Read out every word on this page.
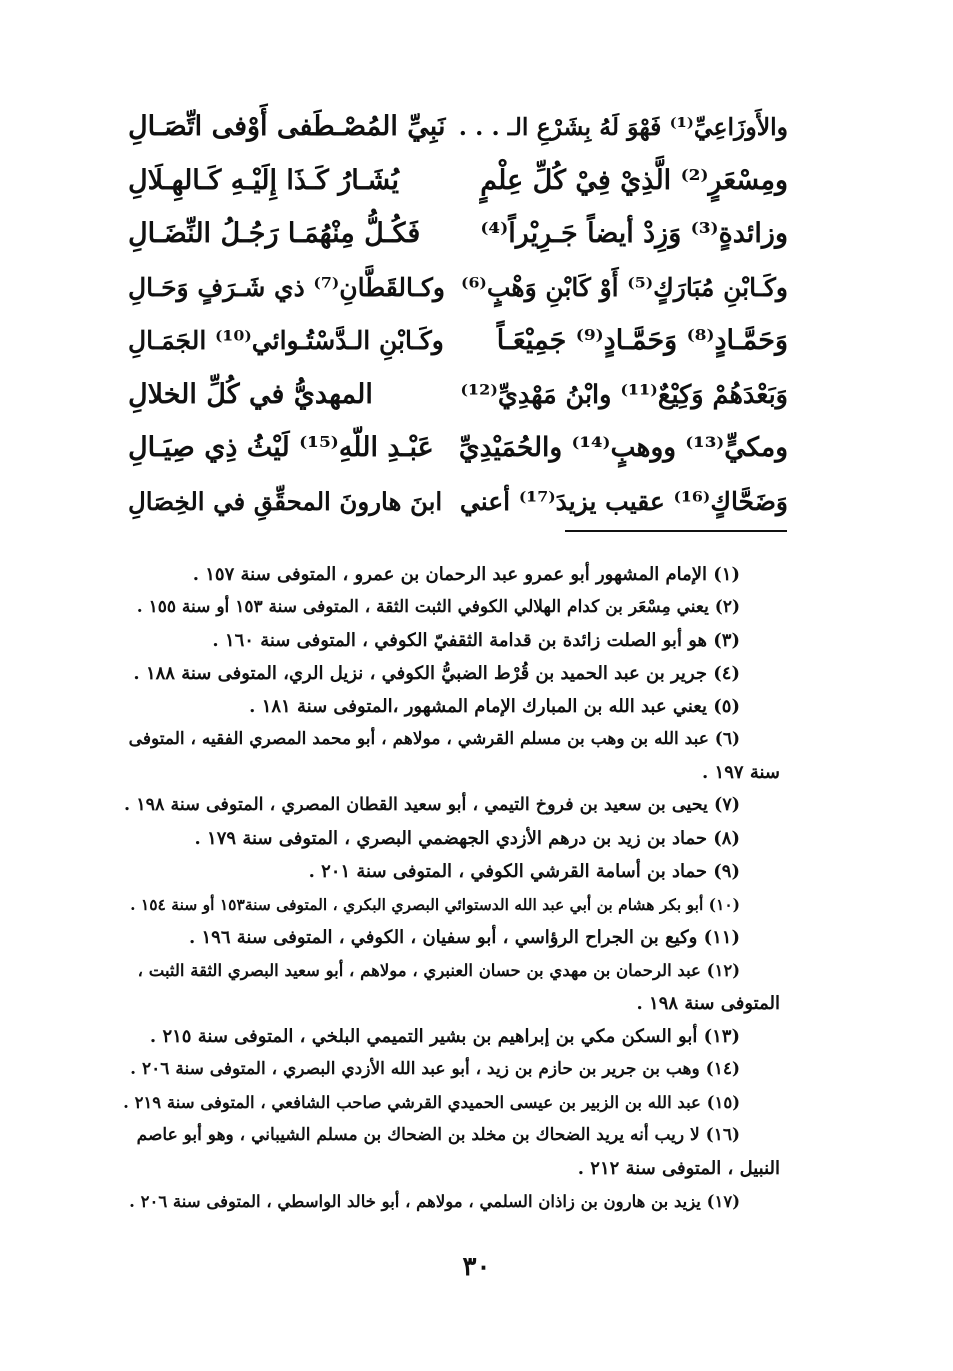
والأَوزَاعِيِّ⁽¹⁾ فَهْوَ لَهُ بِشَرْعِ الـ . . .
نَبِيِّ المُصْـطَفى أَوْفى اتِّصَـالِ
ومِسْعَرٍ⁽²⁾ الَّذِيْ فِيْ كُلِّ عِلْمٍ
يُشَـارُ كَـذَا إِلَيْـهِ كَـالهِـلَالِ
وزائدةٍ⁽³⁾ وَزِدْ أيضاً جَـرِيْراً⁽⁴⁾
فَكُـلُّ مِنْهُمَـا رَجُـلُ النِّضَـالِ
وكَـابْنِ مُبَارَكٍ⁽⁵⁾ أَوْ كَابْنِ وَهْبٍ⁽⁶⁾
وكـالقَطَّانِ⁽⁷⁾ ذي شَـرَفٍ وَحَـالِ
وَحَمَّـادٍ⁽⁸⁾ وَحَمَّـادٍ⁽⁹⁾ جَمِيْعَـاً
وكَـابْنِ الـدَّسْتُـوائي⁽¹⁰⁾ الجَمَـالِ
وَبَعْدَهُمْ وَكِيْعٌ⁽¹¹⁾ وابْنُ مَهْدِيِّ⁽¹²⁾
المهديُّ في كُلِّ الخلالِ
ومكيٍّ⁽¹³⁾ ووهبٍ⁽¹⁴⁾ والحُمَيْدِيِّ
عَبْـدِ اللّهِ⁽¹⁵⁾ لَيْثُ ذِي صِيَـالِ
وَضَحَّاكٍ⁽¹⁶⁾ عقيب يزيدَ⁽¹⁷⁾ أعني
ابنَ هارونَ المحقِّقِ في الخِصَالِ
(١) الإمام المشهور أبو عمرو عبد الرحمان بن عمرو ، المتوفى سنة ١٥٧ .
(٢) يعني مِسْعَر بن كدام الهلالي الكوفي الثبت الثقة ، المتوفى سنة ١٥٣ أو سنة ١٥٥ .
(٣) هو أبو الصلت زائدة بن قدامة الثقفيّ الكوفي ، المتوفى سنة ١٦٠ .
(٤) جرير بن عبد الحميد بن قُرْط الضبيُّ الكوفي ، نزيل الري، المتوفى سنة ١٨٨ .
(٥) يعني عبد الله بن المبارك الإمام المشهور ،المتوفى سنة ١٨١ .
(٦) عبد الله بن وهب بن مسلم القرشي ، مولاهم ، أبو محمد المصري الفقيه ، المتوفى
سنة ١٩٧ .
(٧) يحيى بن سعيد بن فروخ التيمي ، أبو سعيد القطان المصري ، المتوفى سنة ١٩٨ .
(٨) حماد بن زيد بن درهم الأزدي الجهضمي البصري ، المتوفى سنة ١٧٩ .
(٩) حماد بن أسامة القرشي الكوفي ، المتوفى سنة ٢٠١ .
(١٠) أبو بكر هشام بن أبي عبد الله الدستوائي البصري البكري ، المتوفى سنة١٥٣ أو سنة ١٥٤ .
(١١) وكيع بن الجراح الرؤاسي ، أبو سفيان ، الكوفي ، المتوفى سنة ١٩٦ .
(١٢) عبد الرحمان بن مهدي بن حسان العنبري ، مولاهم ، أبو سعيد البصري الثقة الثبت ،
المتوفى سنة ١٩٨ .
(١٣) أبو السكن مكي بن إبراهيم بن بشير التميمي البلخي ، المتوفى سنة ٢١٥ .
(١٤) وهب بن جرير بن حازم بن زيد ، أبو عبد الله الأزدي البصري ، المتوفى سنة ٢٠٦ .
(١٥) عبد الله بن الزبير بن عيسى الحميدي القرشي صاحب الشافعي ، المتوفى سنة ٢١٩ .
(١٦) لا ريب أنه يريد الضحاك بن مخلد بن الضحاك بن مسلم الشيباني ، وهو أبو عاصم
النبيل ، المتوفى سنة ٢١٢ .
(١٧) يزيد بن هارون بن زاذان السلمي ، مولاهم ، أبو خالد الواسطي ، المتوفى سنة ٢٠٦ .
٣٠
